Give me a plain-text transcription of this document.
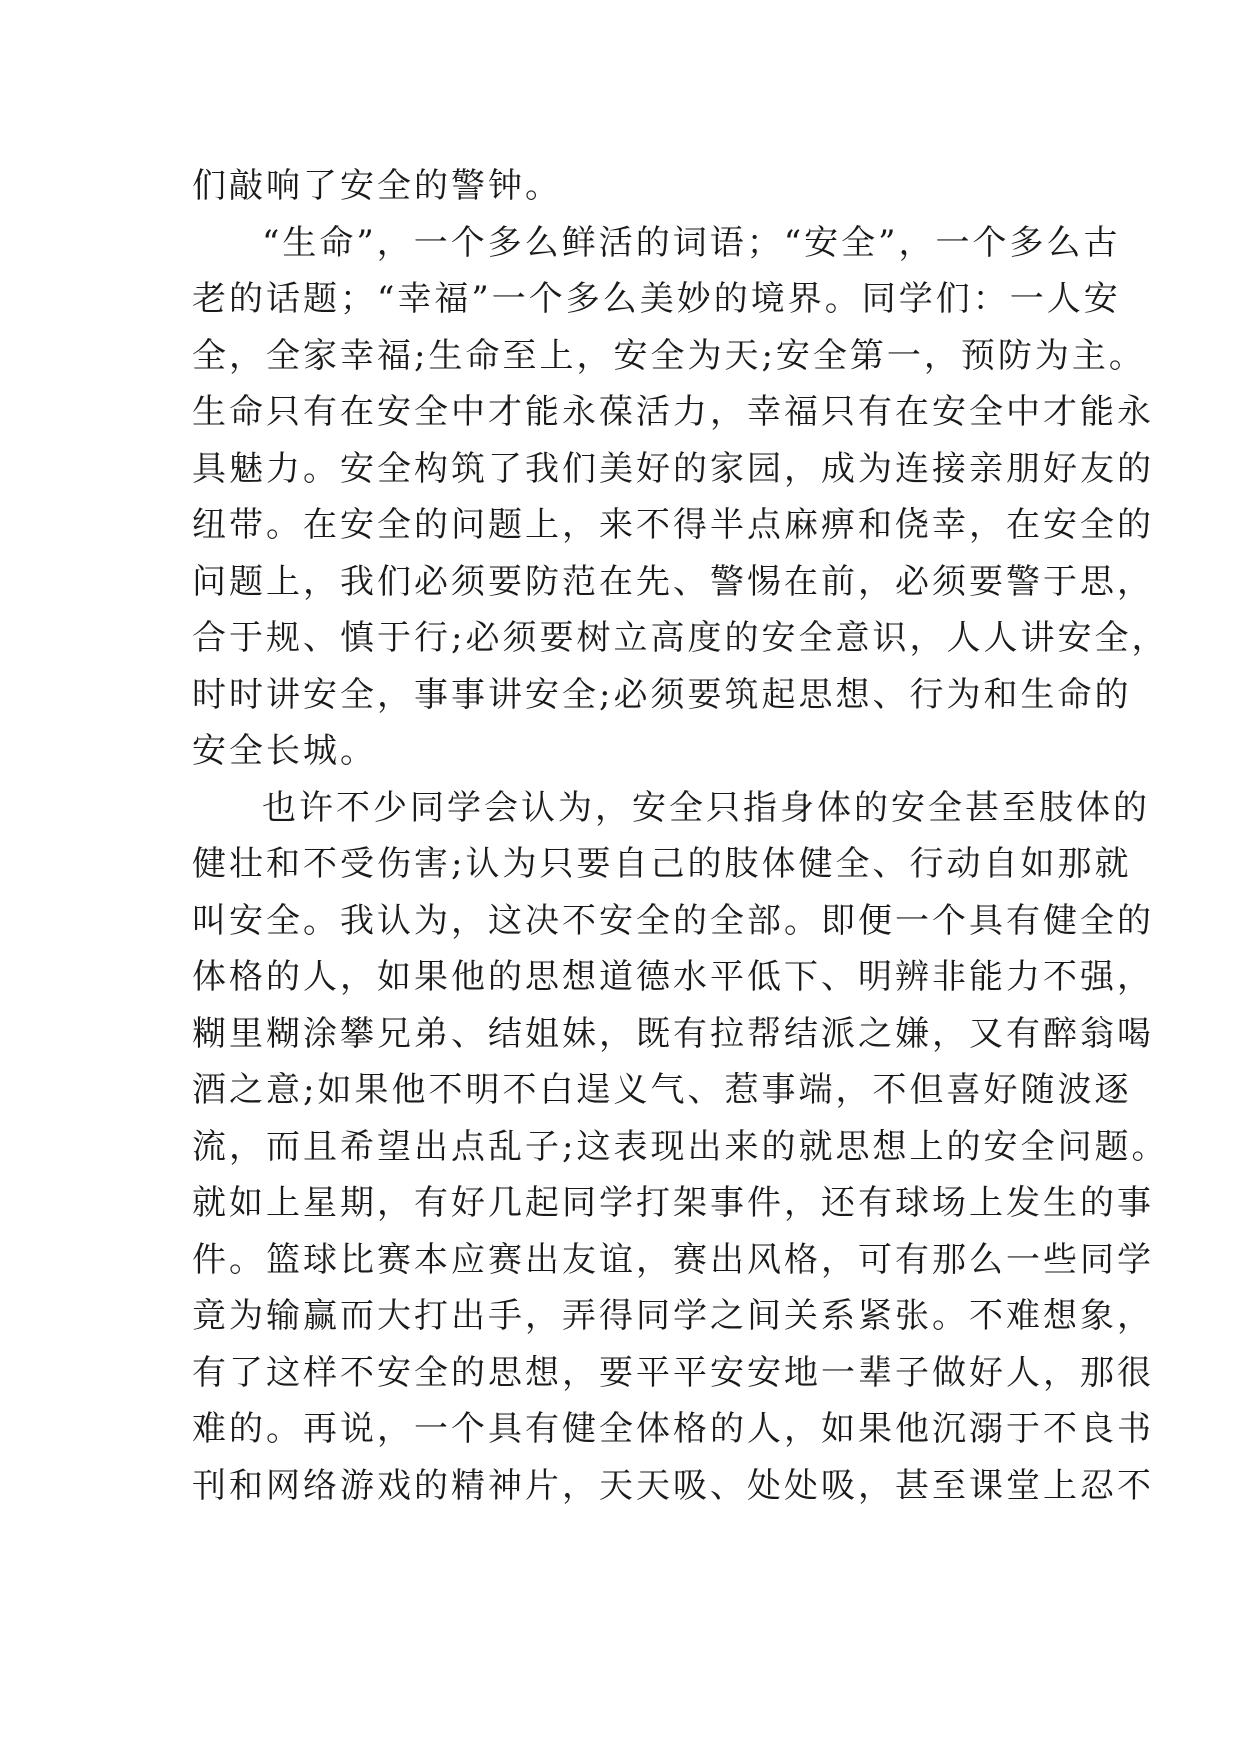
们敲响了安全的警钟。
“生命”，一个多么鲜活的词语；“安全”，一个多么古
老的话题；“幸福”一个多么美妙的境界。同学们：一人安
全，全家幸福;生命至上，安全为天;安全第一，预防为主。
生命只有在安全中才能永葆活力，幸福只有在安全中才能永
具魅力。安全构筑了我们美好的家园，成为连接亲朋好友的
纽带。在安全的问题上，来不得半点麻痹和侥幸，在安全的
问题上，我们必须要防范在先、警惕在前，必须要警于思，
合于规、慎于行;必须要树立高度的安全意识，人人讲安全，
时时讲安全，事事讲安全;必须要筑起思想、行为和生命的
安全长城。
也许不少同学会认为，安全只指身体的安全甚至肢体的
健壮和不受伤害;认为只要自己的肢体健全、行动自如那就
叫安全。我认为，这决不安全的全部。即便一个具有健全的
体格的人，如果他的思想道德水平低下、明辨非能力不强，
糊里糊涂攀兄弟、结姐妹，既有拉帮结派之嫌，又有醉翁喝
酒之意;如果他不明不白逞义气、惹事端，不但喜好随波逐
流，而且希望出点乱子;这表现出来的就思想上的安全问题。
就如上星期，有好几起同学打架事件，还有球场上发生的事
件。篮球比赛本应赛出友谊，赛出风格，可有那么一些同学
竟为输赢而大打出手，弄得同学之间关系紧张。不难想象，
有了这样不安全的思想，要平平安安地一辈子做好人，那很
难的。再说，一个具有健全体格的人，如果他沉溺于不良书
刊和网络游戏的精神片，天天吸、处处吸，甚至课堂上忍不
